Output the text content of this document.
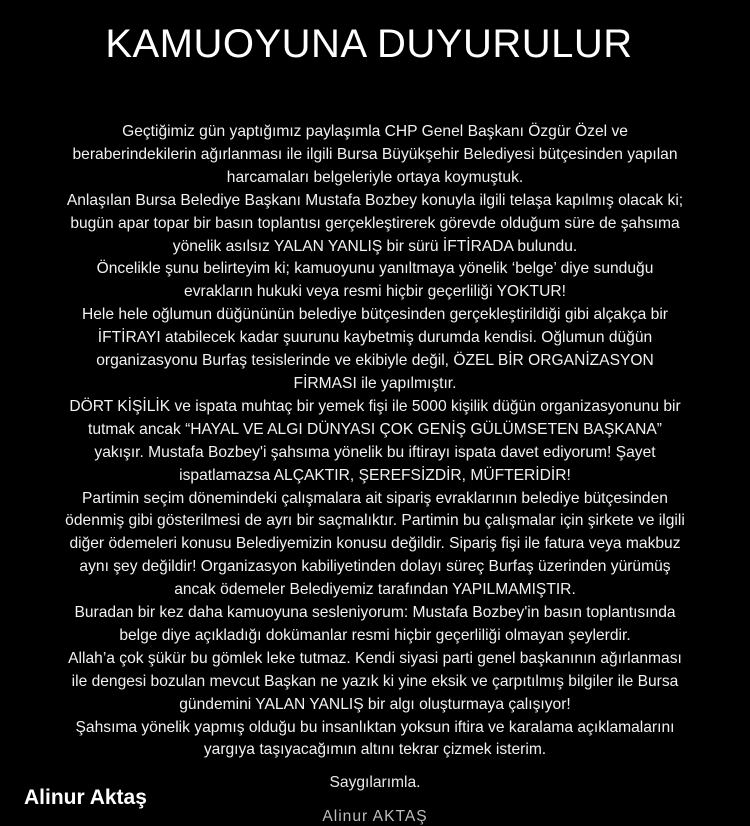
KAMUOYUNA DUYURULUR
Geçtiğimiz gün yaptığımız paylaşımla CHP Genel Başkanı Özgür Özel ve
beraberindekilerin ağırlanması ile ilgili Bursa Büyükşehir Belediyesi bütçesinden yapılan
harcamaları belgeleriyle ortaya koymuştuk.
Anlaşılan Bursa Belediye Başkanı Mustafa Bozbey konuyla ilgili telaşa kapılmış olacak ki;
bugün apar topar bir basın toplantısı gerçekleştirerek görevde olduğum süre de şahsıma
yönelik asılsız YALAN YANLIŞ bir sürü İFTİRADA bulundu.
Öncelikle şunu belirteyim ki; kamuoyunu yanıltmaya yönelik ‘belge’ diye sunduğu
evrakların hukuki veya resmi hiçbir geçerliliği YOKTUR!
Hele hele oğlumun düğününün belediye bütçesinden gerçekleştirildiği gibi alçakça bir
İFTİRAYI atabilecek kadar şuurunu kaybetmiş durumda kendisi. Oğlumun düğün
organizasyonu Burfaş tesislerinde ve ekibiyle değil, ÖZEL BİR ORGANİZASYON
FİRMASI ile yapılmıştır.
DÖRT KİŞİLİK ve ispata muhtaç bir yemek fişi ile 5000 kişilik düğün organizasyonunu bir
tutmak ancak “HAYAL VE ALGI DÜNYASI ÇOK GENİŞ GÜLÜMSETEN BAŞKANA”
yakışır. Mustafa Bozbey'i şahsıma yönelik bu iftirayı ispata davet ediyorum! Şayet
ispatlamazsa ALÇAKTIR, ŞEREFSİZDİR, MÜFTERİDİR!
Partimin seçim dönemindeki çalışmalara ait sipariş evraklarının belediye bütçesinden
ödenmiş gibi gösterilmesi de ayrı bir saçmalıktır. Partimin bu çalışmalar için şirkete ve ilgili
diğer ödemeleri konusu Belediyemizin konusu değildir. Sipariş fişi ile fatura veya makbuz
aynı şey değildir! Organizasyon kabiliyetinden dolayı süreç Burfaş üzerinden yürümüş
ancak ödemeler Belediyemiz tarafından YAPILMAMIŞTIR.
Buradan bir kez daha kamuoyuna sesleniyorum: Mustafa Bozbey'in basın toplantısında
belge diye açıkladığı dokümanlar resmi hiçbir geçerliliği olmayan şeylerdir.
Allah’a çok şükür bu gömlek leke tutmaz. Kendi siyasi parti genel başkanının ağırlanması
ile dengesi bozulan mevcut Başkan ne yazık ki yine eksik ve çarpıtılmış bilgiler ile Bursa
gündemini YALAN YANLIŞ bir algı oluşturmaya çalışıyor!
Şahsıma yönelik yapmış olduğu bu insanlıktan yoksun iftira ve karalama açıklamalarını
yargıya taşıyacağımın altını tekrar çizmek isterim.
Saygılarımla.
Alinur AKTAŞ
Alinur Aktaş
